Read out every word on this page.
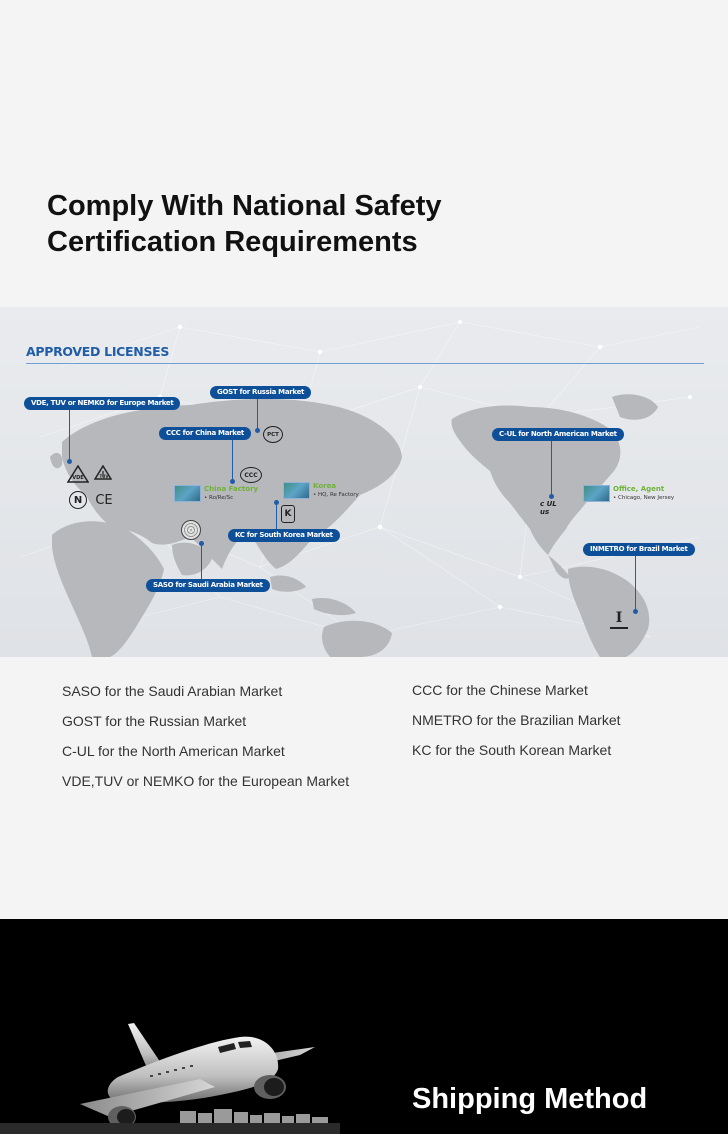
Comply With National Safety
Certification Requirements
APPROVED LICENSES
VDE, TUV or NEMKO for Europe Market
VDE	TUV
N	CE
GOST for Russia Market
PCT
CCC for China Market
CCC
China Factory
• Ro/Re/Sc
Korea
• HQ, Re Factory
K
KC for South Korea Market
SASO for Saudi Arabia Market
C-UL for North American Market
c UL us
Office, Agent
• Chicago, New Jersey
INMETRO for Brazil Market
I
SASO for the Saudi Arabian Market
GOST for the Russian Market
C-UL for the North American Market
VDE,TUV or NEMKO for the European Market
CCC for the Chinese Market
NMETRO for the Brazilian Market
KC for the South Korean Market
Shipping Method
